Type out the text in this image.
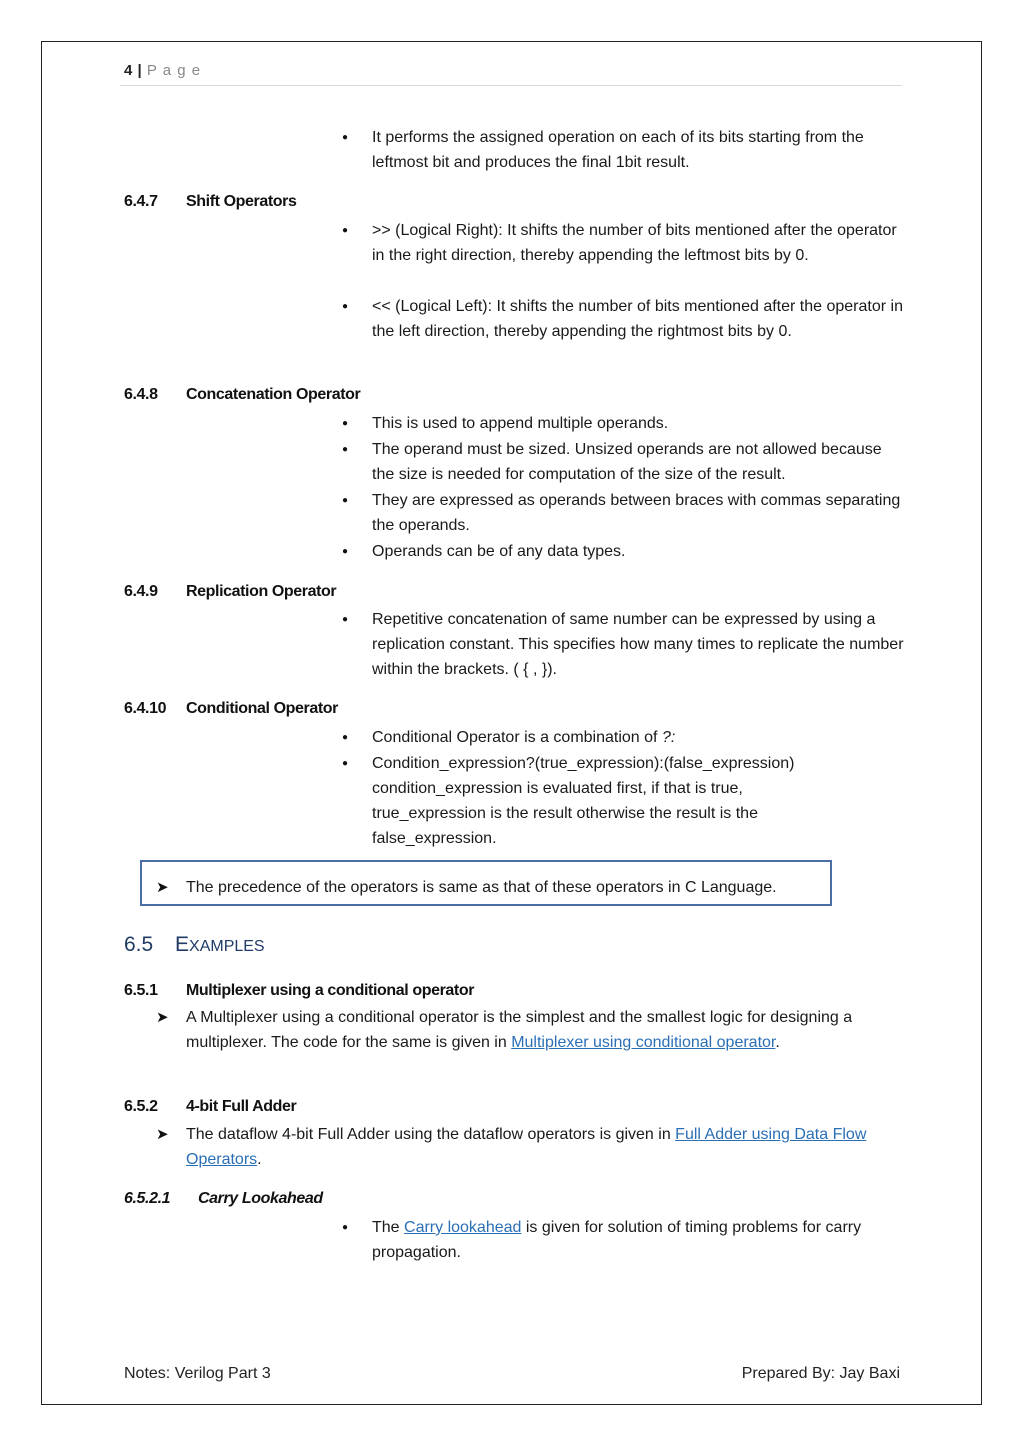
4 | P a g e
● It performs the assigned operation on each of its bits starting from the leftmost bit and produces the final 1bit result.
6.4.7 Shift Operators
● >> (Logical Right): It shifts the number of bits mentioned after the operator in the right direction, thereby appending the leftmost bits by 0.
● << (Logical Left): It shifts the number of bits mentioned after the operator in the left direction, thereby appending the rightmost bits by 0.
6.4.8 Concatenation Operator
● This is used to append multiple operands.
● The operand must be sized. Unsized operands are not allowed because the size is needed for computation of the size of the result.
● They are expressed as operands between braces with commas separating the operands.
● Operands can be of any data types.
6.4.9 Replication Operator
● Repetitive concatenation of same number can be expressed by using a replication constant. This specifies how many times to replicate the number within the brackets. ( { , }).
6.4.10 Conditional Operator
● Conditional Operator is a combination of ?:
● Condition_expression?(true_expression):(false_expression) condition_expression is evaluated first, if that is true, true_expression is the result otherwise the result is the false_expression.
➤ The precedence of the operators is same as that of these operators in C Language.
6.5 EXAMPLES
6.5.1 Multiplexer using a conditional operator
➤ A Multiplexer using a conditional operator is the simplest and the smallest logic for designing a multiplexer. The code for the same is given in Multiplexer using conditional operator.
6.5.2 4-bit Full Adder
➤ The dataflow 4-bit Full Adder using the dataflow operators is given in Full Adder using Data Flow Operators.
6.5.2.1 Carry Lookahead
● The Carry lookahead is given for solution of timing problems for carry propagation.
Notes: Verilog Part 3	Prepared By: Jay Baxi
